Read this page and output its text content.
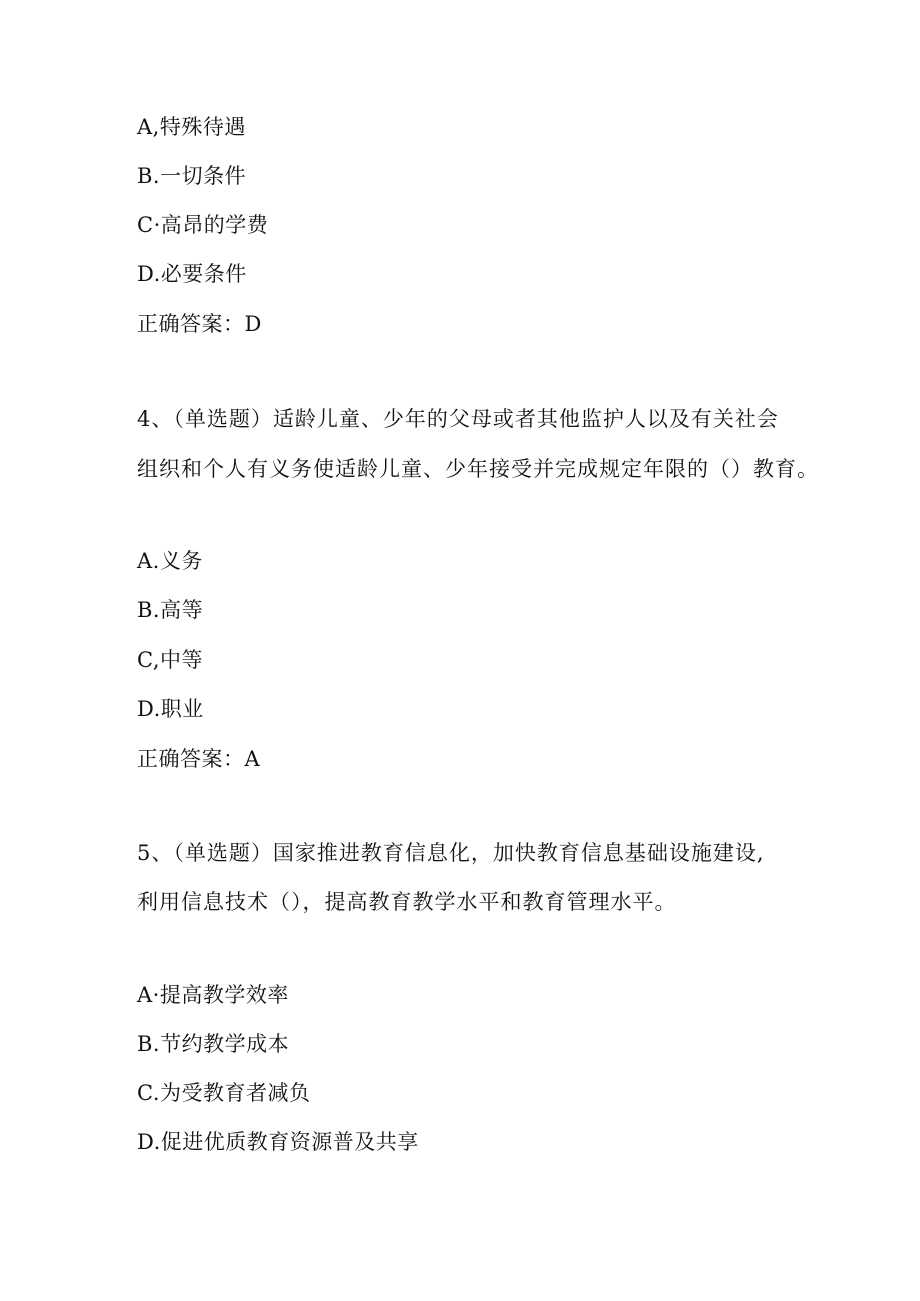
A,特殊待遇
B.一切条件
C·高昂的学费
D.必要条件
正确答案：D
4、（单选题）适龄儿童、少年的父母或者其他监护人以及有关社会
组织和个人有义务使适龄儿童、少年接受并完成规定年限的（）教育。
A.义务
B.高等
C,中等
D.职业
正确答案：A
5、（单选题）国家推进教育信息化，加快教育信息基础设施建设,
利用信息技术（），提高教育教学水平和教育管理水平。
A·提高教学效率
B.节约教学成本
C.为受教育者减负
D.促进优质教育资源普及共享
